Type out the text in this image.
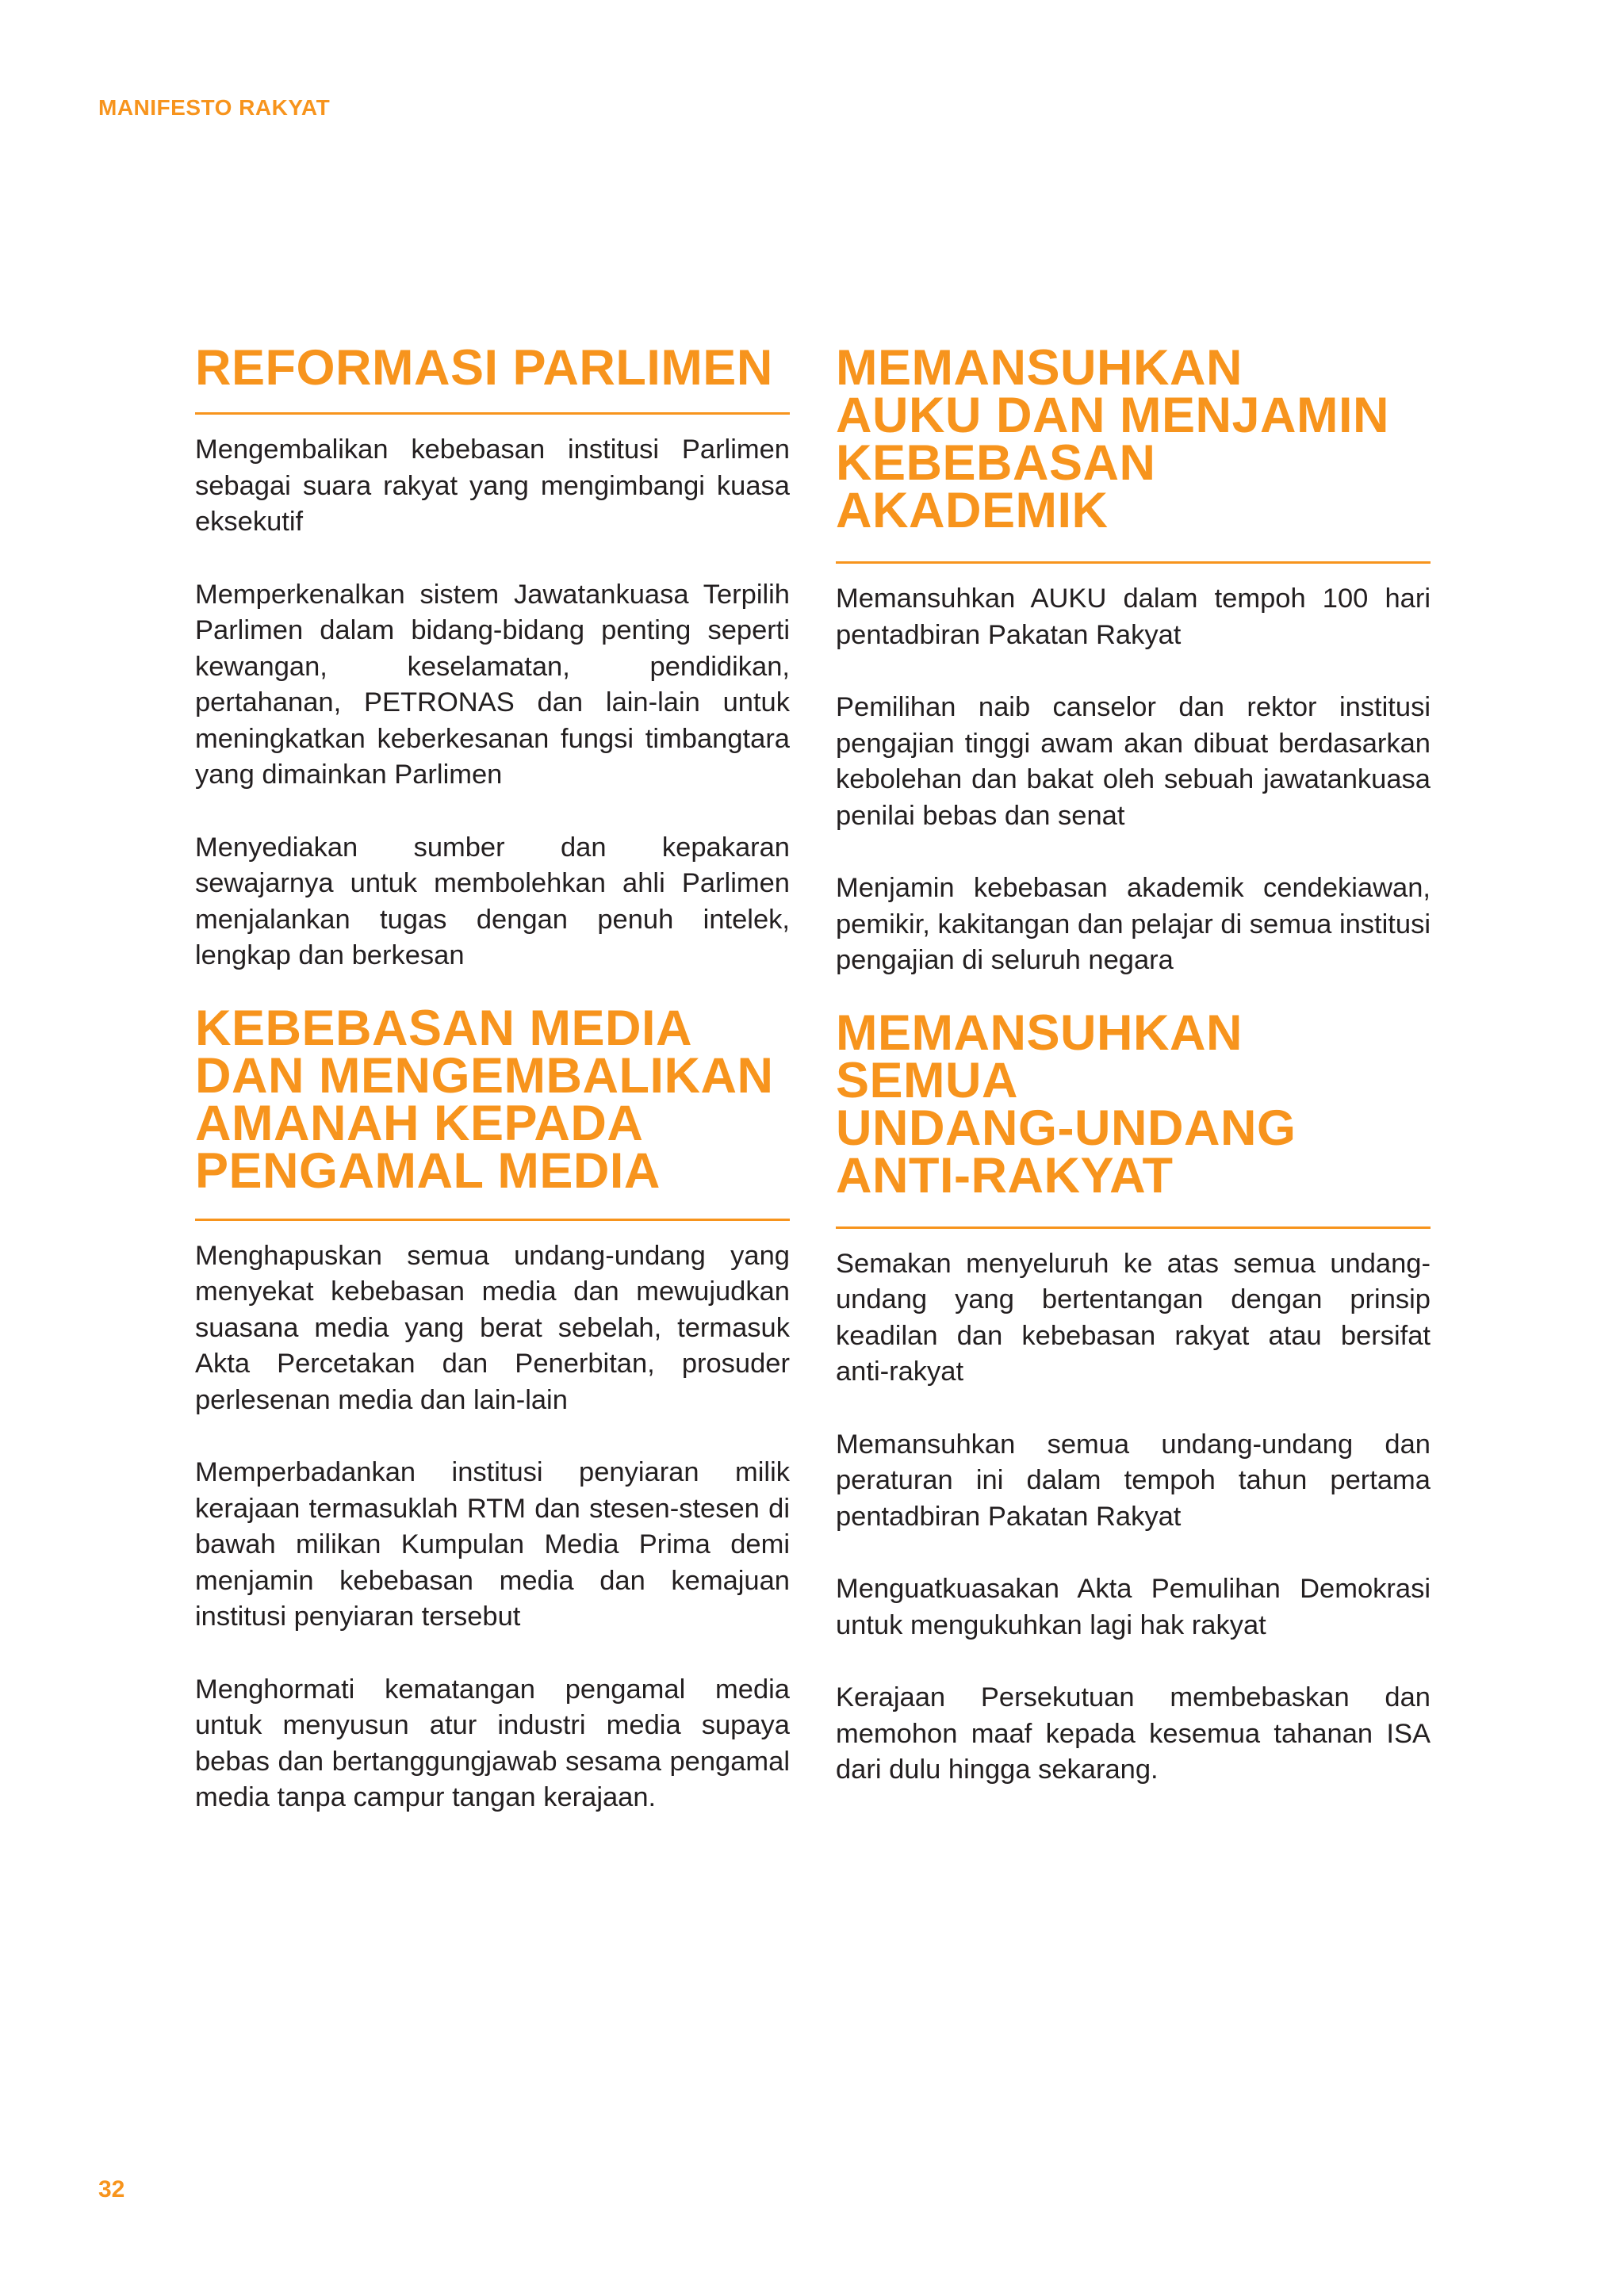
MANIFESTO RAKYAT
REFORMASI PARLIMEN

Mengembalikan kebebasan institusi Parlimen sebagai suara rakyat yang mengimbangi kuasa eksekutif

Memperkenalkan sistem Jawatankuasa Terpilih Parlimen dalam bidang-bidang penting seperti kewangan, keselamatan, pendidikan, pertahanan, PETRONAS dan lain-lain untuk meningkatkan keberkesanan fungsi timbangtara yang dimainkan Parlimen

Menyediakan sumber dan kepakaran sewajarnya untuk membolehkan ahli Parlimen menjalankan tugas dengan penuh intelek, lengkap dan berkesan

KEBEBASAN MEDIA
DAN MENGEMBALIKAN
AMANAH KEPADA
PENGAMAL MEDIA

Menghapuskan semua undang-undang yang menyekat kebebasan media dan mewujudkan suasana media yang berat sebelah, termasuk Akta Percetakan dan Penerbitan, prosuder perlesenan media dan lain-lain

Memperbadankan institusi penyiaran milik kerajaan termasuklah RTM dan stesen-stesen di bawah milikan Kumpulan Media Prima demi menjamin kebebasan media dan kemajuan institusi penyiaran tersebut

Menghormati kematangan pengamal media untuk menyusun atur industri media supaya bebas dan bertanggungjawab sesama pengamal media tanpa campur tangan kerajaan.

MEMANSUHKAN
AUKU DAN MENJAMIN
KEBEBASAN AKADEMIK

Memansuhkan AUKU dalam tempoh 100 hari pentadbiran Pakatan Rakyat

Pemilihan naib canselor dan rektor institusi pengajian tinggi awam akan dibuat berdasarkan kebolehan dan bakat oleh sebuah jawatankuasa penilai bebas dan senat

Menjamin kebebasan akademik cendekiawan, pemikir, kakitangan dan pelajar di semua institusi pengajian di seluruh negara

MEMANSUHKAN SEMUA
UNDANG-UNDANG
ANTI-RAKYAT

Semakan menyeluruh ke atas semua undang-undang yang bertentangan dengan prinsip keadilan dan kebebasan rakyat atau bersifat anti-rakyat

Memansuhkan semua undang-undang dan peraturan ini dalam tempoh tahun pertama pentadbiran Pakatan Rakyat

Menguatkuasakan Akta Pemulihan Demokrasi untuk mengukuhkan lagi hak rakyat

Kerajaan Persekutuan membebaskan dan memohon maaf kepada kesemua tahanan ISA dari dulu hingga sekarang.

32
